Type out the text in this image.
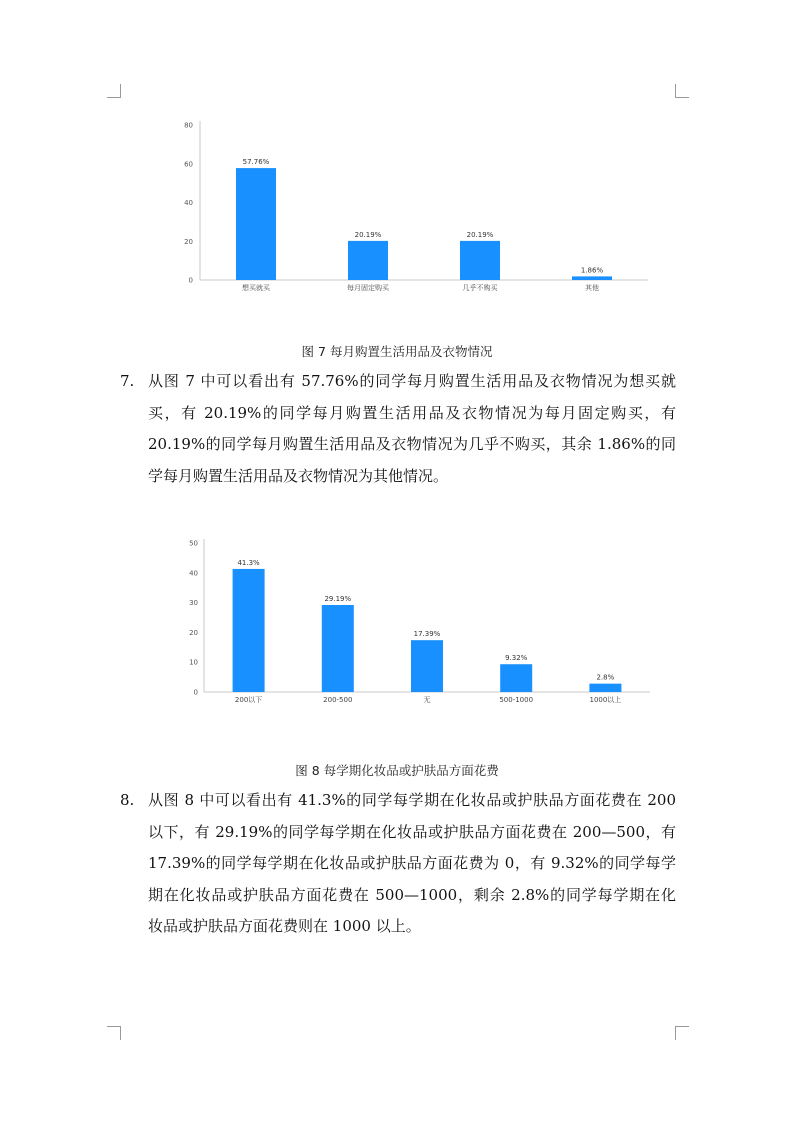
0
20
40
60
80
57.76%
想买就买
20.19%
每月固定购买
20.19%
几乎不购买
1.86%
其他
图 7 每月购置生活用品及衣物情况
7. 从图 7 中可以看出有 57.76%的同学每月购置生活用品及衣物情况为想买就
买，有 20.19%的同学每月购置生活用品及衣物情况为每月固定购买，有
20.19%的同学每月购置生活用品及衣物情况为几乎不购买，其余 1.86%的同
学每月购置生活用品及衣物情况为其他情况。
0
10
20
30
40
50
41.3%
200以下
29.19%
200-500
17.39%
无
9.32%
500-1000
2.8%
1000以上
图 8 每学期化妆品或护肤品方面花费
8. 从图 8 中可以看出有 41.3%的同学每学期在化妆品或护肤品方面花费在 200
以下，有 29.19%的同学每学期在化妆品或护肤品方面花费在 200—500，有
17.39%的同学每学期在化妆品或护肤品方面花费为 0，有 9.32%的同学每学
期在化妆品或护肤品方面花费在 500—1000，剩余 2.8%的同学每学期在化
妆品或护肤品方面花费则在 1000 以上。
